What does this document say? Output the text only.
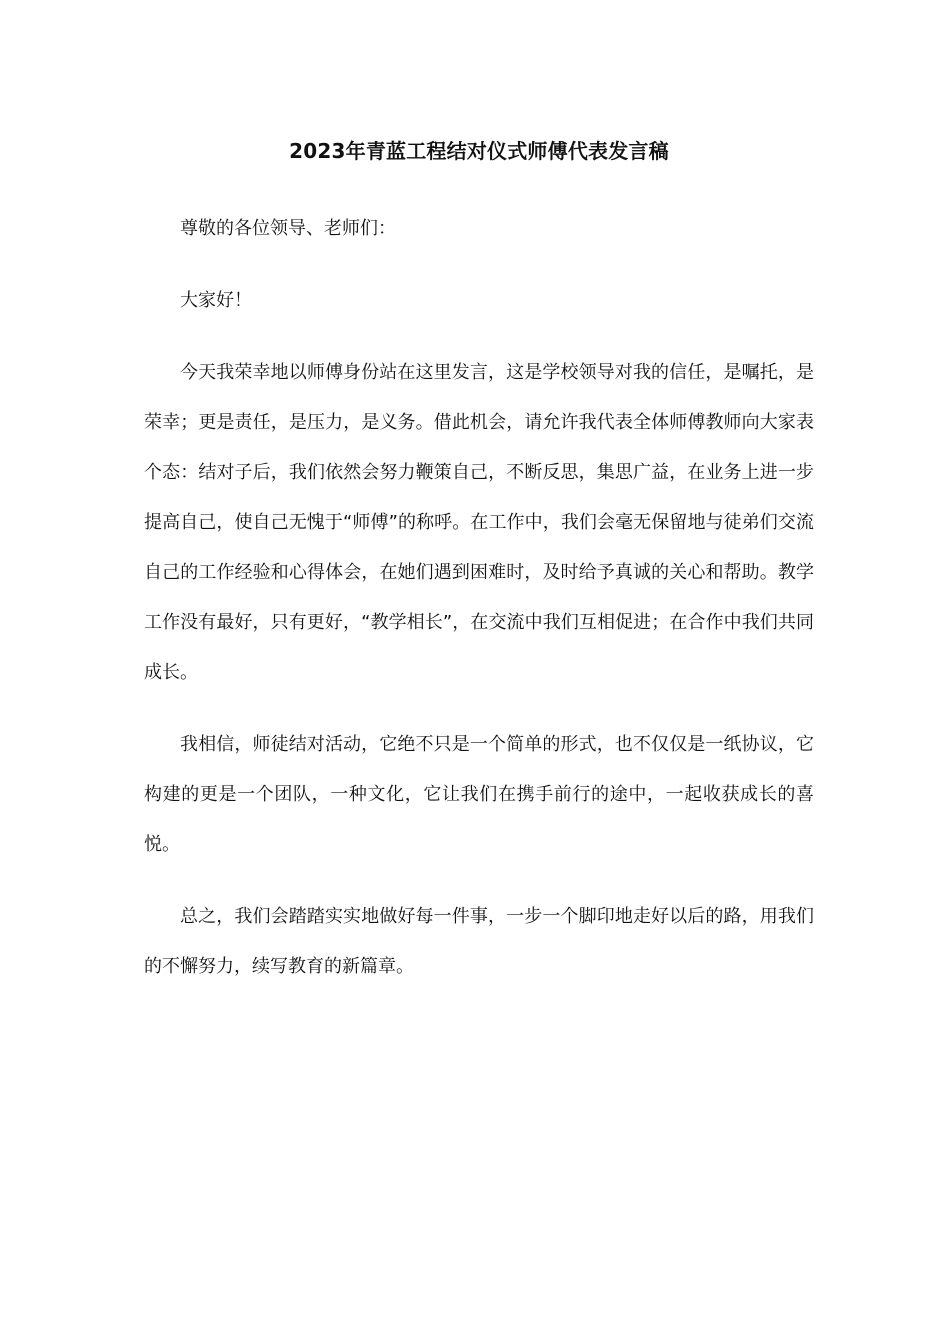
2023年青蓝工程结对仪式师傅代表发言稿

尊敬的各位领导、老师们：

大家好！

今天我荣幸地以师傅身份站在这里发言，这是学校领导对我的信任，是嘱托，是荣幸；更是责任，是压力，是义务。借此机会，请允许我代表全体师傅教师向大家表个态：结对子后，我们依然会努力鞭策自己，不断反思，集思广益，在业务上进一步提高自己，使自己无愧于“师傅”的称呼。在工作中，我们会毫无保留地与徒弟们交流自己的工作经验和心得体会，在她们遇到困难时，及时给予真诚的关心和帮助。教学工作没有最好，只有更好，“教学相长”，在交流中我们互相促进；在合作中我们共同成长。

我相信，师徒结对活动，它绝不只是一个简单的形式，也不仅仅是一纸协议，它构建的更是一个团队，一种文化，它让我们在携手前行的途中，一起收获成长的喜悦。

总之，我们会踏踏实实地做好每一件事，一步一个脚印地走好以后的路，用我们的不懈努力，续写教育的新篇章。
